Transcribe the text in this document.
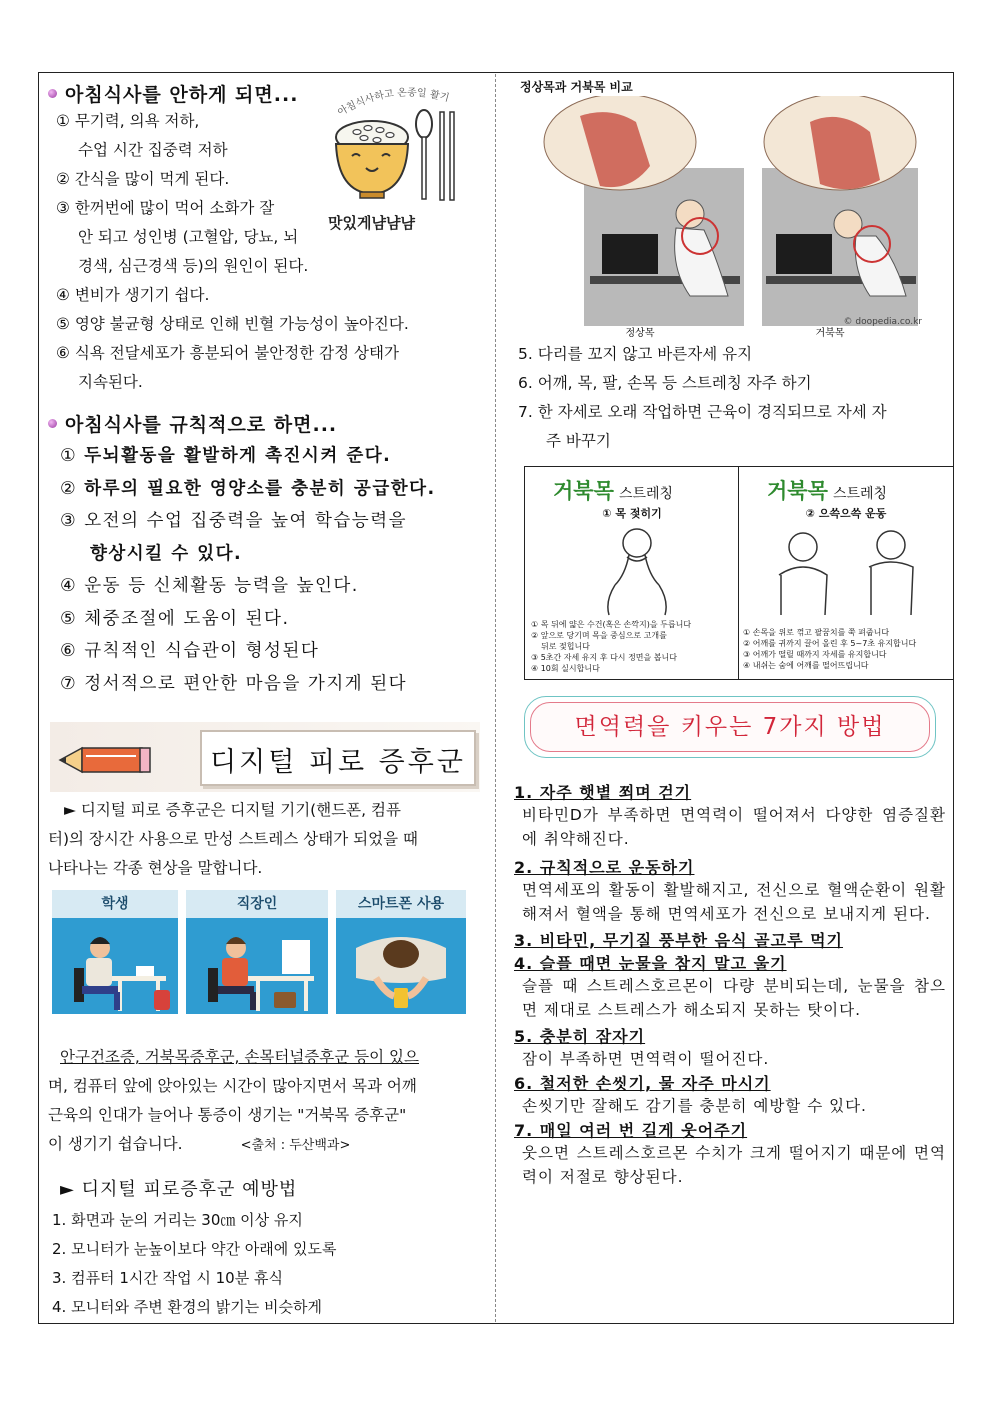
아침식사를 안하게 되면...
① 무기력, 의욕 저하,
수업 시간 집중력 저하
② 간식을 많이 먹게 된다.
③ 한꺼번에 많이 먹어 소화가 잘
안 되고 성인병 (고혈압, 당뇨, 뇌
경색, 심근경색 등)의 원인이 된다.
④ 변비가 생기기 쉽다.
⑤ 영양 불균형 상태로 인해 빈혈 가능성이 높아진다.
⑥ 식욕 전달세포가 흥분되어 불안정한 감정 상태가
지속된다.
아침식사하고 온종일 활기
맛있게냠냠냠
아침식사를 규칙적으로 하면...
① 두뇌활동을 활발하게 촉진시켜 준다.
② 하루의 필요한 영양소를 충분히 공급한다.
③ 오전의 수업 집중력을 높여 학습능력을
향상시킬 수 있다.
④ 운동 등 신체활동 능력을 높인다.
⑤ 체중조절에 도움이 된다.
⑥ 규칙적인 식습관이 형성된다
⑦ 정서적으로 편안한 마음을 가지게 된다
디지털 피로 증후군
► 디지털 피로 증후군은 디지털 기기(핸드폰, 컴퓨
터)의 장시간 사용으로 만성 스트레스 상태가 되었을 때
나타나는 각종 현상을 말합니다.
학생	직장인	스마트폰 사용
안구건조증, 거북목증후군, 손목터널증후군 등이 있으
며, 컴퓨터 앞에 앉아있는 시간이 많아지면서 목과 어깨
근육의 인대가 늘어나 통증이 생기는 "거북목 증후군"
이 생기기 쉽습니다.	<출처 : 두산백과>
► 디지털 피로증후군 예방법
1. 화면과 눈의 거리는 30㎝ 이상 유지
2. 모니터가 눈높이보다 약간 아래에 있도록
3. 컴퓨터 1시간 작업 시 10분 휴식
4. 모니터와 주변 환경의 밝기는 비슷하게
정상목과 거북목 비교
정상목	거북목
© doopedia.co.kr
5. 다리를 꼬지 않고 바른자세 유지
6. 어깨, 목, 팔, 손목 등 스트레칭 자주 하기
7. 한 자세로 오래 작업하면 근육이 경직되므로 자세 자
주 바꾸기
거북목 스트레칭
① 목 젖히기
① 목 뒤에 얇은 수건(혹은 손깍지)을 두릅니다
② 앞으로 당기며 목을 중심으로 고개를
뒤로 젖힙니다
③ 5초간 자세 유지 후 다시 정면을 봅니다
④ 10회 실시합니다
거북목 스트레칭
② 으쓱으쓱 운동
① 손목을 위로 꺾고 팔꿈치를 쭉 펴줍니다
② 어깨를 귀까지 끌어 올린 후 5~7초 유지합니다
③ 어깨가 떨릴 때까지 자세를 유지합니다
④ 내쉬는 숨에 어깨를 떨어뜨립니다
면역력을 키우는 7가지 방법
1. 자주 햇볕 쬐며 걷기
비타민D가 부족하면 면역력이 떨어져서 다양한 염증질환에 취약해진다.
2. 규칙적으로 운동하기
면역세포의 활동이 활발해지고, 전신으로 혈액순환이 원활해져서 혈액을 통해 면역세포가 전신으로 보내지게 된다.
3. 비타민, 무기질 풍부한 음식 골고루 먹기
4. 슬플 때면 눈물을 참지 말고 울기
슬플 때 스트레스호르몬이 다량 분비되는데, 눈물을 참으면 제대로 스트레스가 해소되지 못하는 탓이다.
5. 충분히 잠자기
잠이 부족하면 면역력이 떨어진다.
6. 철저한 손씻기, 물 자주 마시기
손씻기만 잘해도 감기를 충분히 예방할 수 있다.
7. 매일 여러 번 길게 웃어주기
웃으면 스트레스호르몬 수치가 크게 떨어지기 때문에 면역력이 저절로 향상된다.
